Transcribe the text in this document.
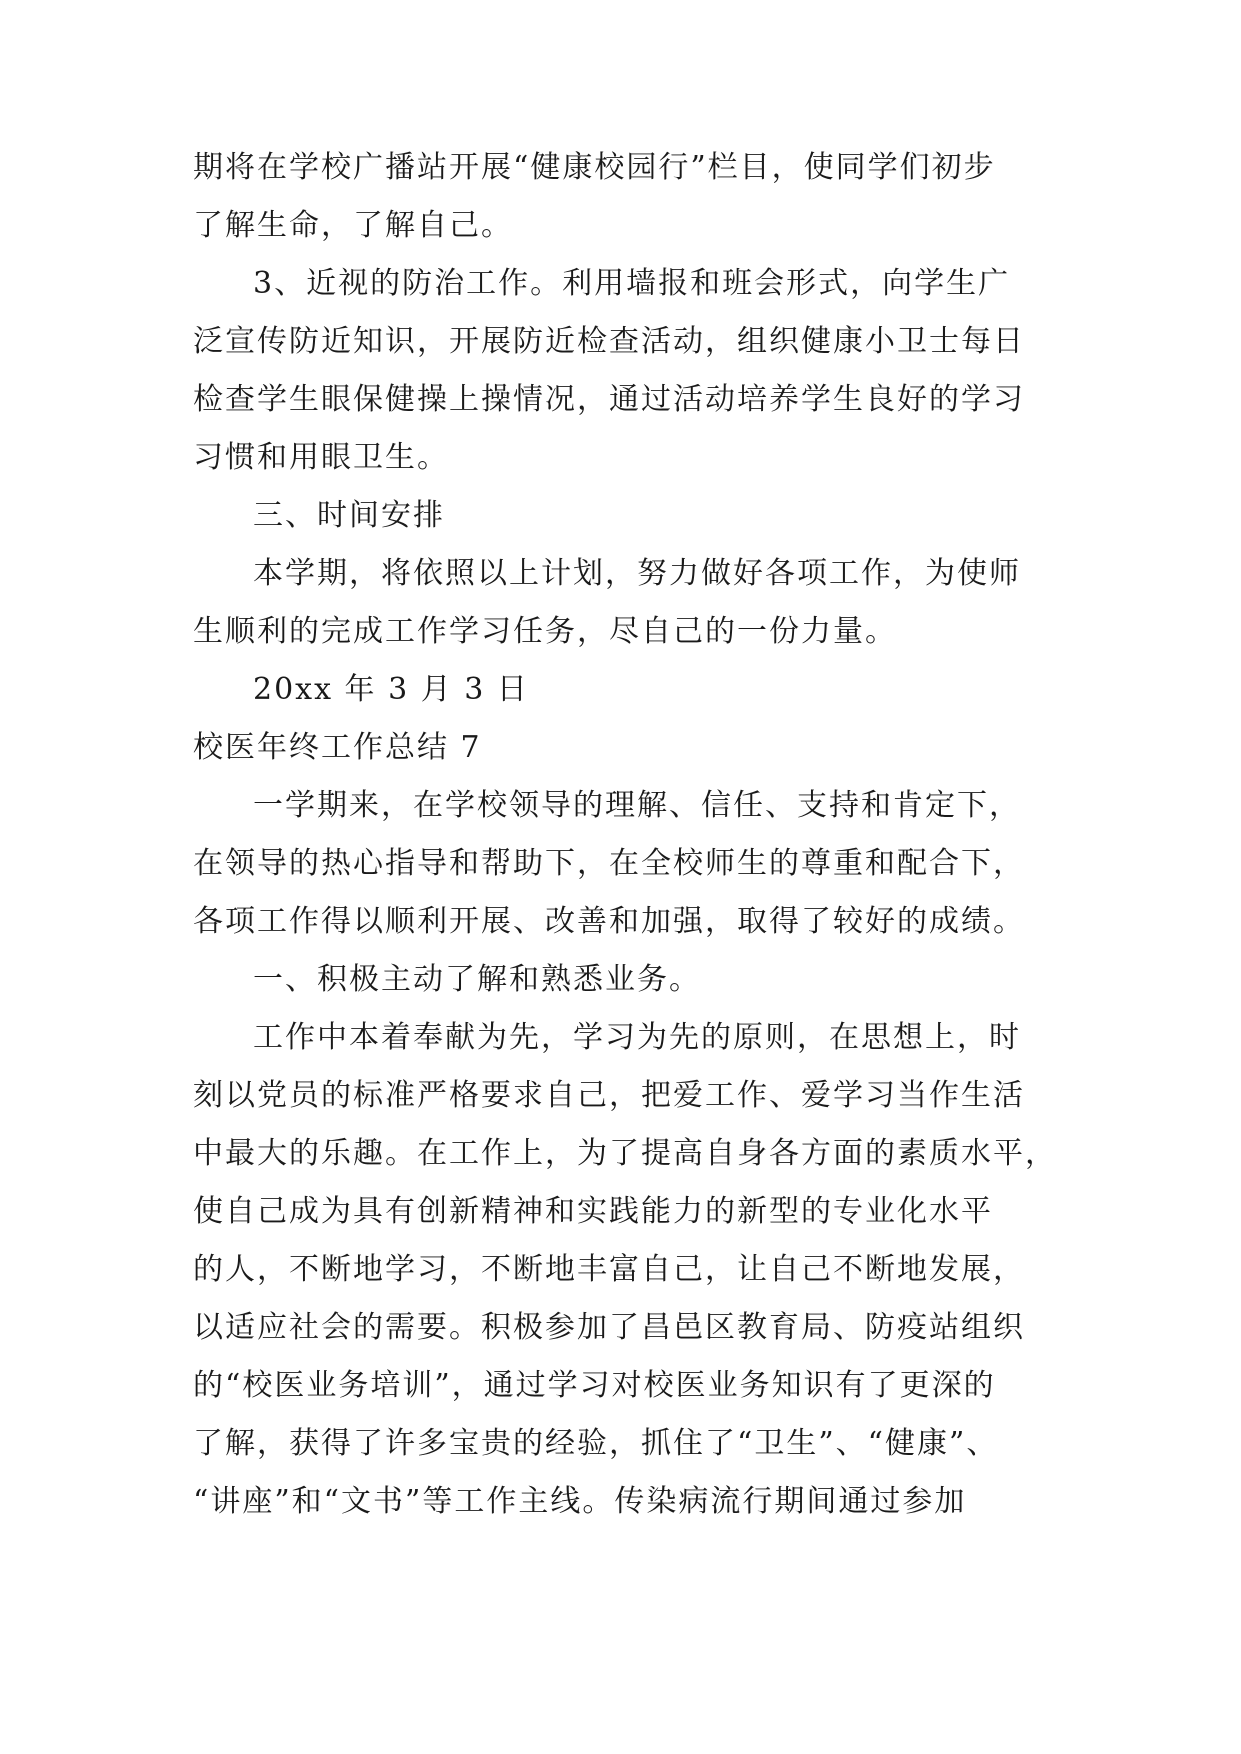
期将在学校广播站开展“健康校园行”栏目，使同学们初步
了解生命，了解自己。
3、近视的防治工作。利用墙报和班会形式，向学生广
泛宣传防近知识，开展防近检查活动，组织健康小卫士每日
检查学生眼保健操上操情况，通过活动培养学生良好的学习
习惯和用眼卫生。
三、时间安排
本学期，将依照以上计划，努力做好各项工作，为使师
生顺利的完成工作学习任务，尽自己的一份力量。
20xx 年 3 月 3 日
校医年终工作总结 7
一学期来，在学校领导的理解、信任、支持和肯定下，
在领导的热心指导和帮助下，在全校师生的尊重和配合下，
各项工作得以顺利开展、改善和加强，取得了较好的成绩。
一、积极主动了解和熟悉业务。
工作中本着奉献为先，学习为先的原则，在思想上，时
刻以党员的标准严格要求自己，把爱工作、爱学习当作生活
中最大的乐趣。在工作上，为了提高自身各方面的素质水平，
使自己成为具有创新精神和实践能力的新型的专业化水平
的人，不断地学习，不断地丰富自己，让自己不断地发展，
以适应社会的需要。积极参加了昌邑区教育局、防疫站组织
的“校医业务培训”，通过学习对校医业务知识有了更深的
了解，获得了许多宝贵的经验，抓住了“卫生”、“健康”、
“讲座”和“文书”等工作主线。传染病流行期间通过参加
